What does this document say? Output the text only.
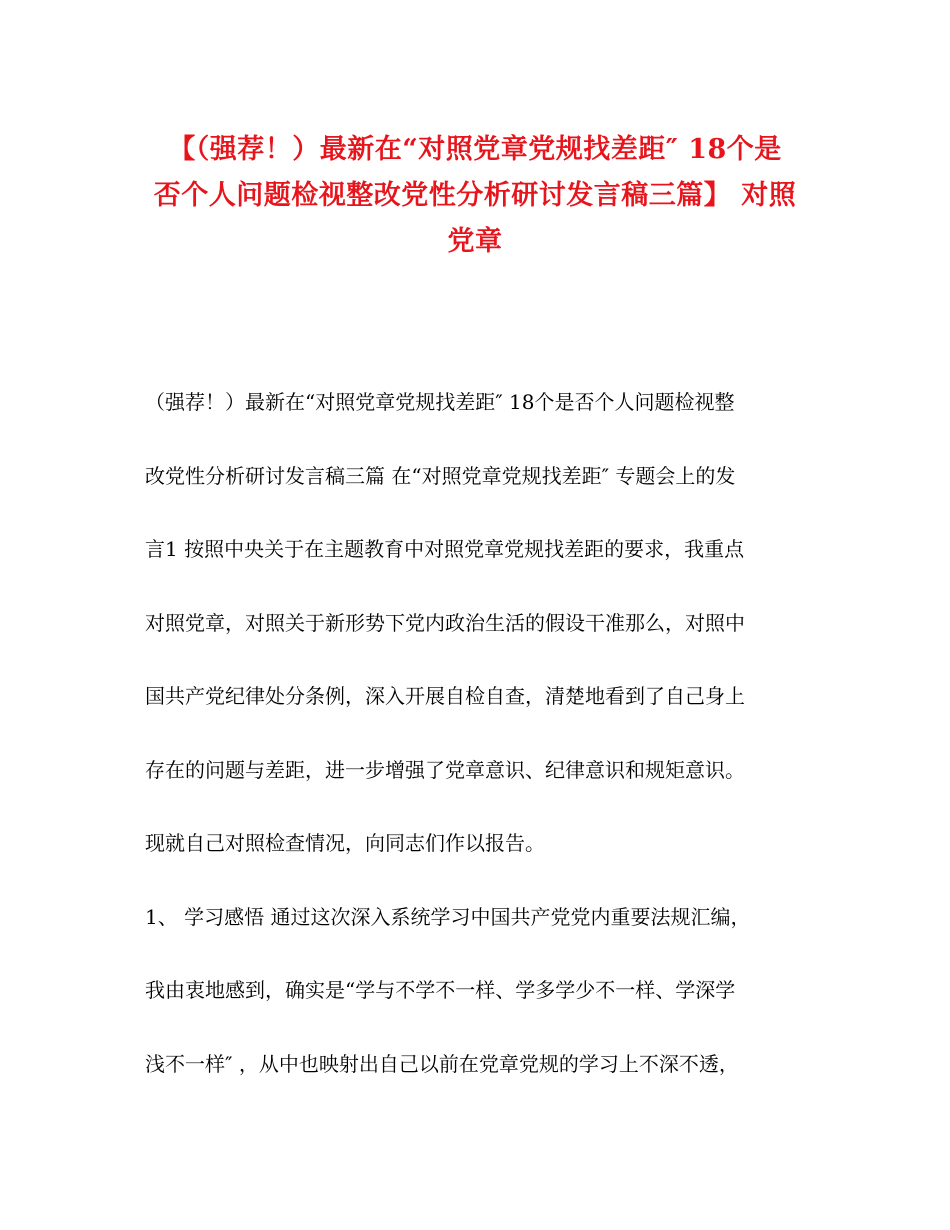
【（强荐！）最新在“对照党章党规找差距″ 18个是
否个人问题检视整改党性分析研讨发言稿三篇】 对照
党章
（强荐！）最新在“对照党章党规找差距″ 18个是否个人问题检视整
改党性分析研讨发言稿三篇 在“对照党章党规找差距″ 专题会上的发
言1 按照中央关于在主题教育中对照党章党规找差距的要求，我重点
对照党章，对照关于新形势下党内政治生活的假设干准那么，对照中
国共产党纪律处分条例，深入开展自检自查，清楚地看到了自己身上
存在的问题与差距，进一步增强了党章意识、纪律意识和规矩意识。
现就自己对照检查情况，向同志们作以报告。
1、 学习感悟 通过这次深入系统学习中国共产党党内重要法规汇编，
我由衷地感到，确实是“学与不学不一样、学多学少不一样、学深学
浅不一样″ ，从中也映射出自己以前在党章党规的学习上不深不透，
